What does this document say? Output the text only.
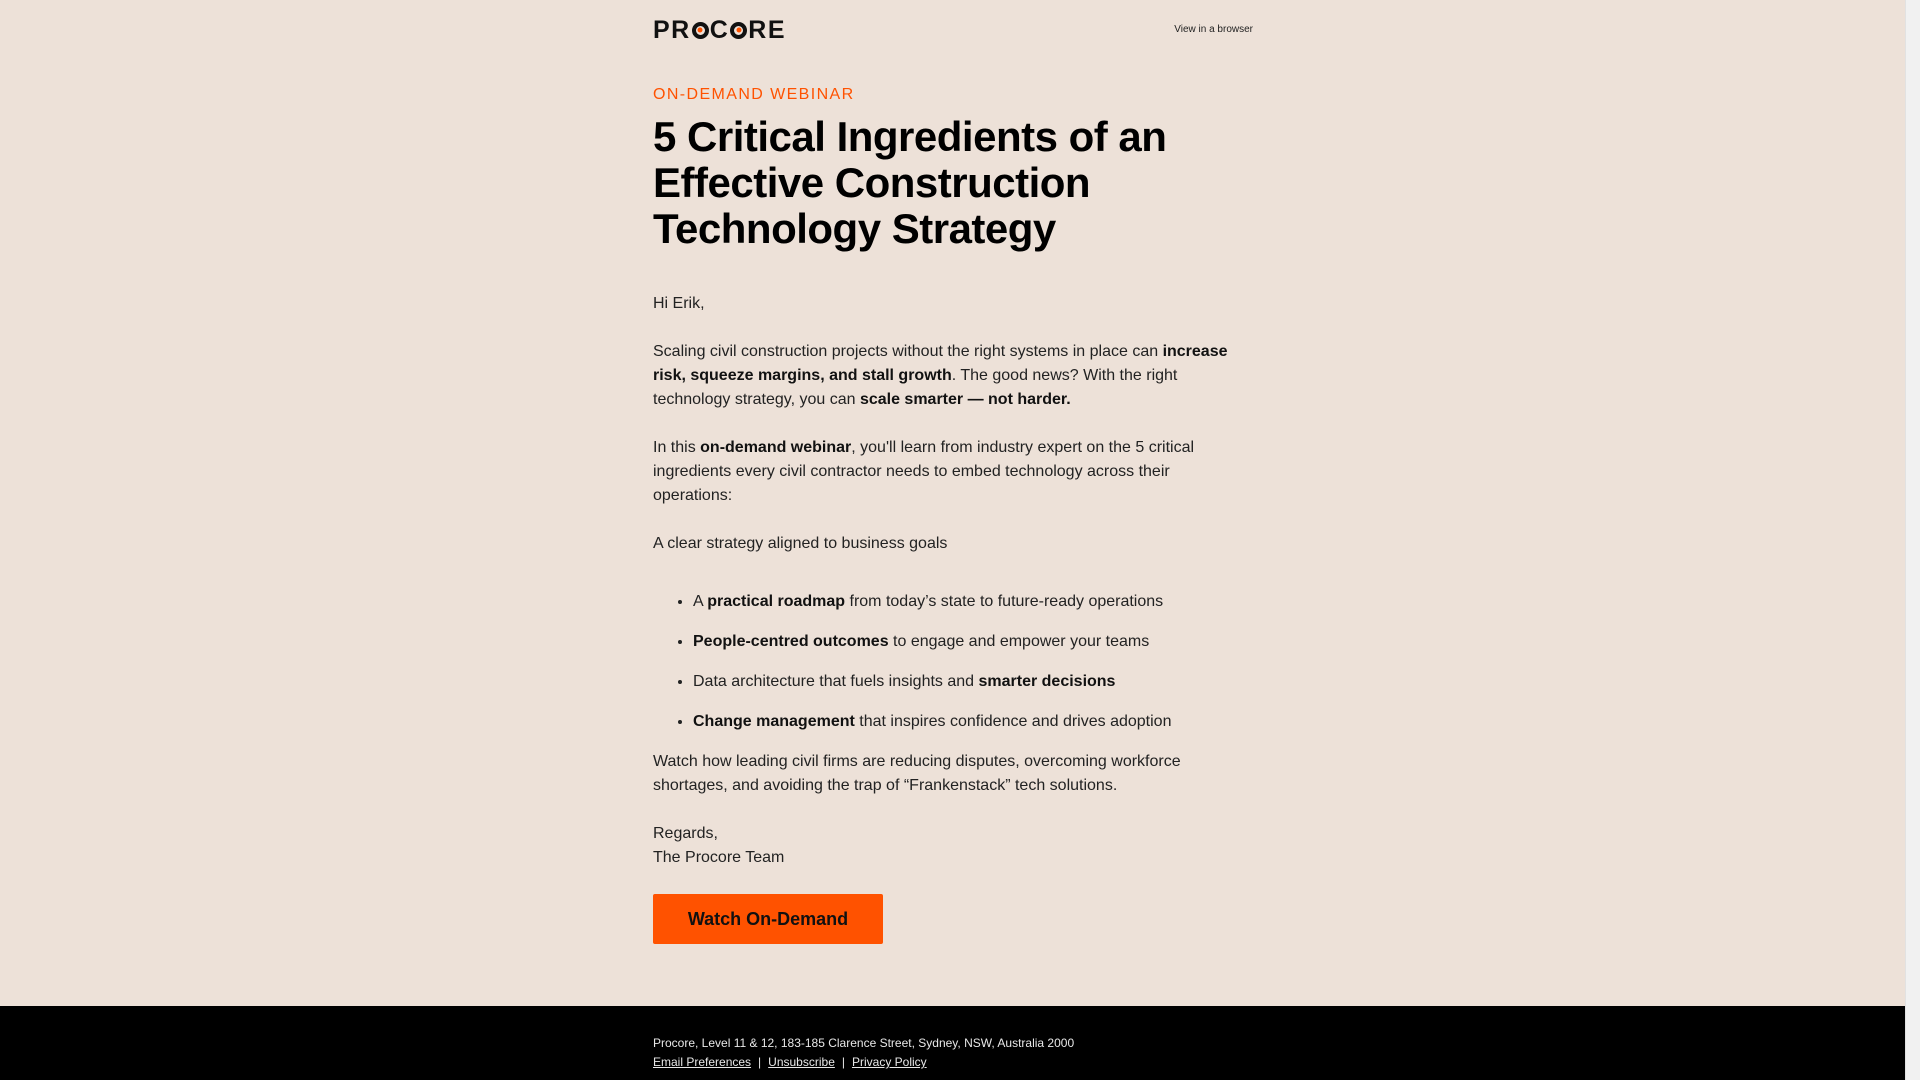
PR C RE	View in a browser
ON-DEMAND WEBINAR
5 Critical Ingredients of an Effective Construction Technology Strategy

Hi Erik,

Scaling civil construction projects without the right systems in place can increase risk, squeeze margins, and stall growth. The good news? With the right technology strategy, you can scale smarter — not harder.

In this on-demand webinar, you'll learn from industry expert on the 5 critical ingredients every civil contractor needs to embed technology across their operations:

A clear strategy aligned to business goals

• A practical roadmap from today’s state to future-ready operations
• People-centred outcomes to engage and empower your teams
• Data architecture that fuels insights and smarter decisions
• Change management that inspires confidence and drives adoption

Watch how leading civil firms are reducing disputes, overcoming workforce shortages, and avoiding the trap of “Frankenstack” tech solutions.

Regards,
The Procore Team

Watch On-Demand
Procore, Level 11 & 12, 183-185 Clarence Street, Sydney, NSW, Australia 2000
Email Preferences | Unsubscribe | Privacy Policy
